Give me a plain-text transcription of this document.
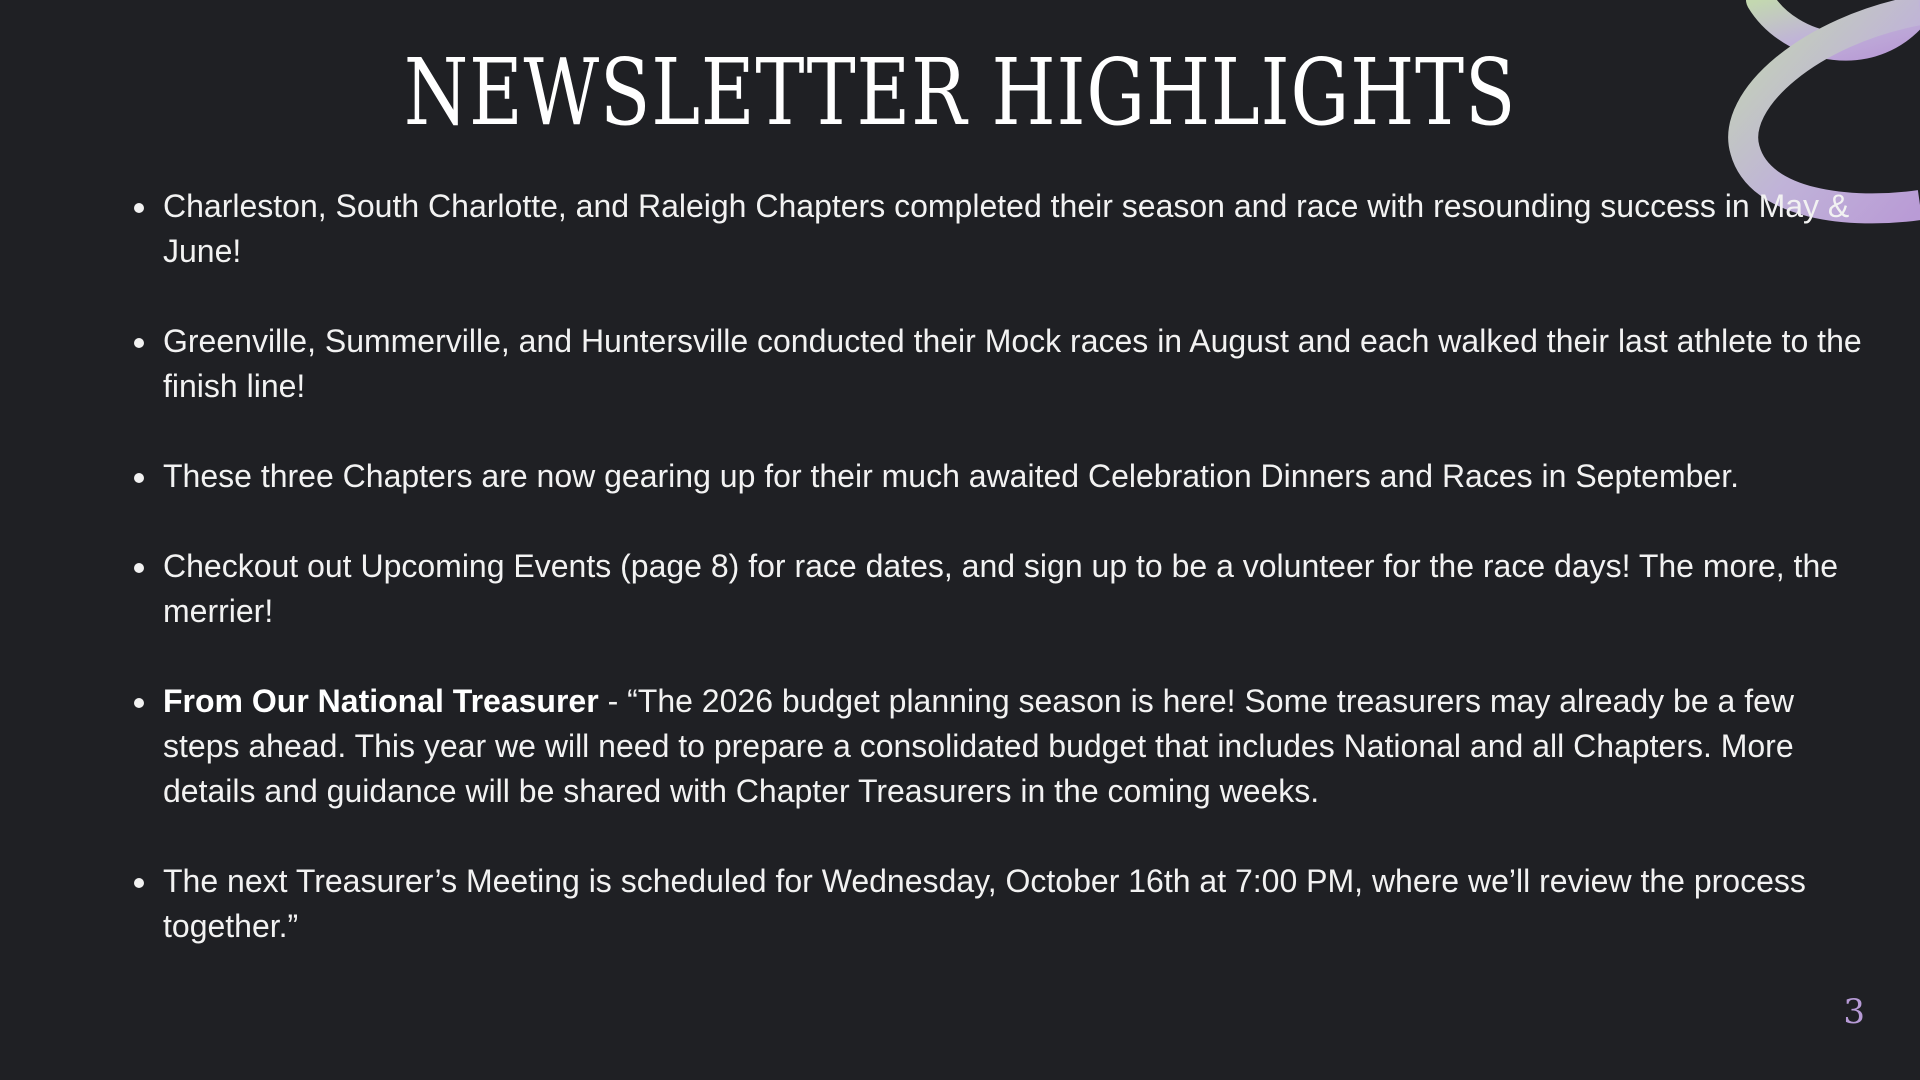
NEWSLETTER HIGHLIGHTS
Charleston, South Charlotte, and Raleigh Chapters completed their season and race with resounding success in May & June!
Greenville, Summerville, and Huntersville conducted their Mock races in August and each walked their last athlete to the finish line!
These three Chapters are now gearing up for their much awaited Celebration Dinners and Races in September.
Checkout out Upcoming Events (page 8) for race dates, and sign up to be a volunteer for the race days! The more, the merrier!
From Our National Treasurer - “The 2026 budget planning season is here! Some treasurers may already be a few steps ahead. This year we will need to prepare a consolidated budget that includes National and all Chapters. More details and guidance will be shared with Chapter Treasurers in the coming weeks.
The next Treasurer’s Meeting is scheduled for Wednesday, October 16th at 7:00 PM, where we’ll review the process together.”
3
